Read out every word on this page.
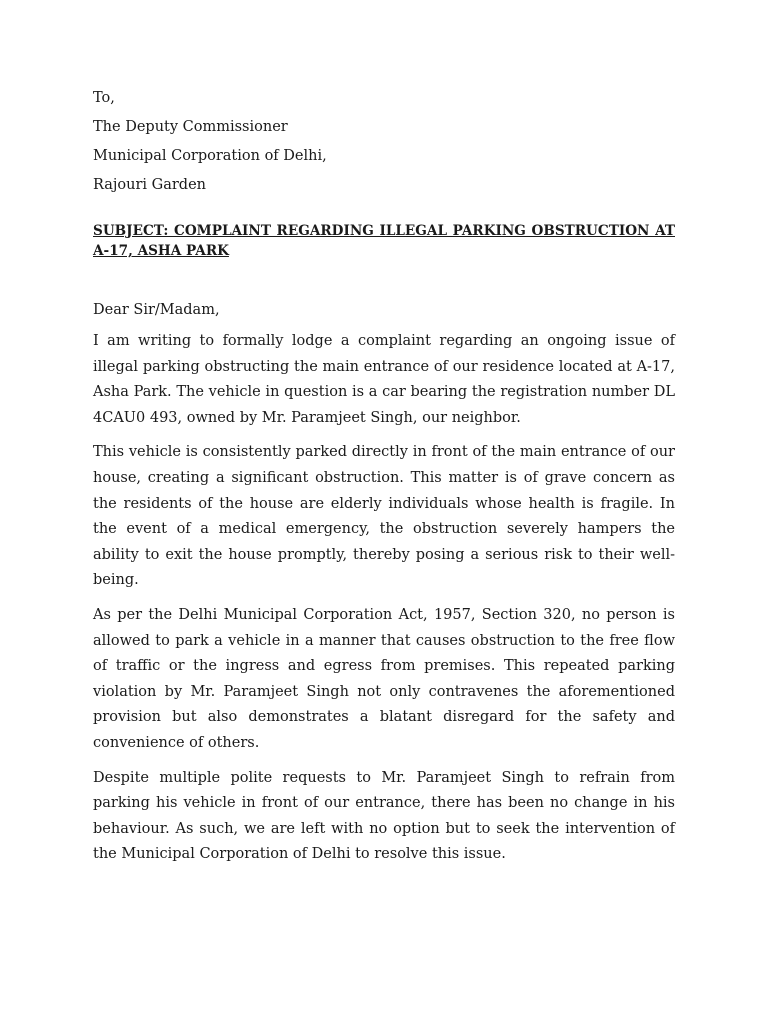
To,
The Deputy Commissioner
Municipal Corporation of Delhi,
Rajouri Garden
SUBJECT: COMPLAINT REGARDING ILLEGAL PARKING OBSTRUCTION AT A-17, ASHA PARK
Dear Sir/Madam,
I am writing to formally lodge a complaint regarding an ongoing issue of illegal parking obstructing the main entrance of our residence located at A-17, Asha Park. The vehicle in question is a car bearing the registration number DL 4CAU0 493, owned by Mr. Paramjeet Singh, our neighbor.
This vehicle is consistently parked directly in front of the main entrance of our house, creating a significant obstruction. This matter is of grave concern as the residents of the house are elderly individuals whose health is fragile. In the event of a medical emergency, the obstruction severely hampers the ability to exit the house promptly, thereby posing a serious risk to their well-being.
As per the Delhi Municipal Corporation Act, 1957, Section 320, no person is allowed to park a vehicle in a manner that causes obstruction to the free flow of traffic or the ingress and egress from premises. This repeated parking violation by Mr. Paramjeet Singh not only contravenes the aforementioned provision but also demonstrates a blatant disregard for the safety and convenience of others.
Despite multiple polite requests to Mr. Paramjeet Singh to refrain from parking his vehicle in front of our entrance, there has been no change in his behaviour. As such, we are left with no option but to seek the intervention of the Municipal Corporation of Delhi to resolve this issue.
